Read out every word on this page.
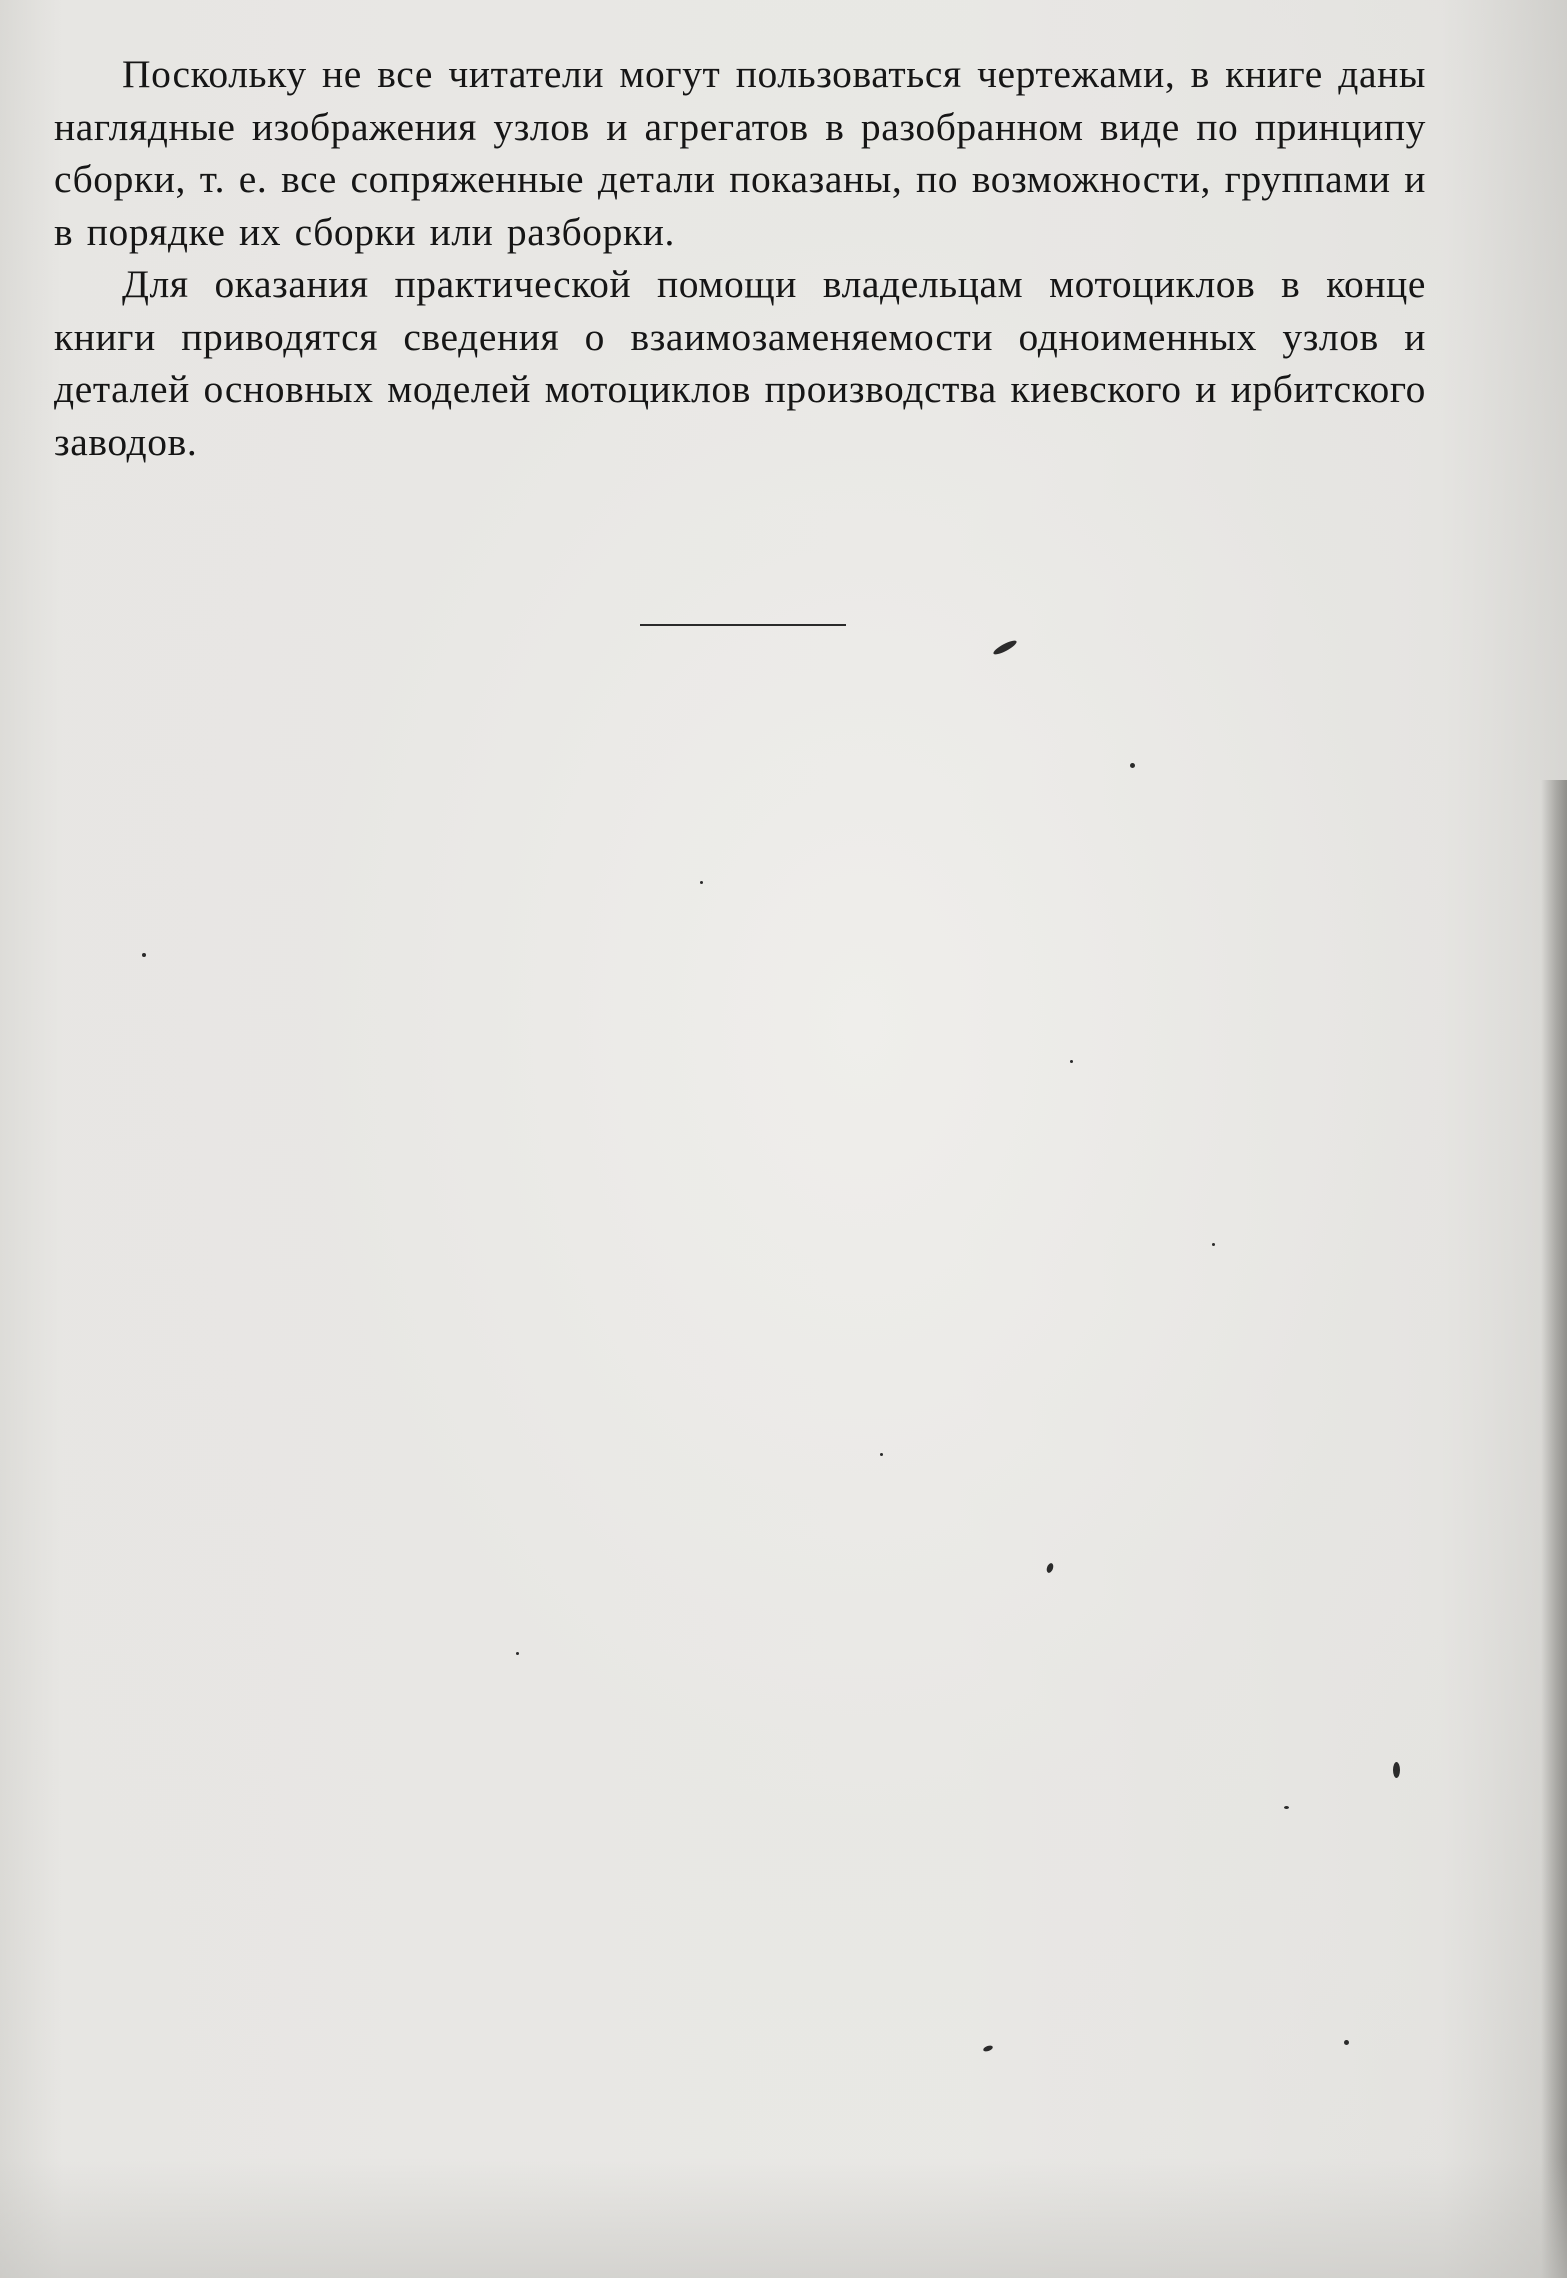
Поскольку не все читатели могут пользоваться чертежами, в книге даны наглядные изображения узлов и агрегатов в разобранном виде по принципу сборки, т. е. все сопряженные детали показаны, по возможности, группами и в порядке их сборки или разборки.

Для оказания практической помощи владельцам мотоциклов в конце книги приводятся сведения о взаимозаменяемости одноименных узлов и деталей основных моделей мотоциклов производства киевского и ирбитского заводов.
